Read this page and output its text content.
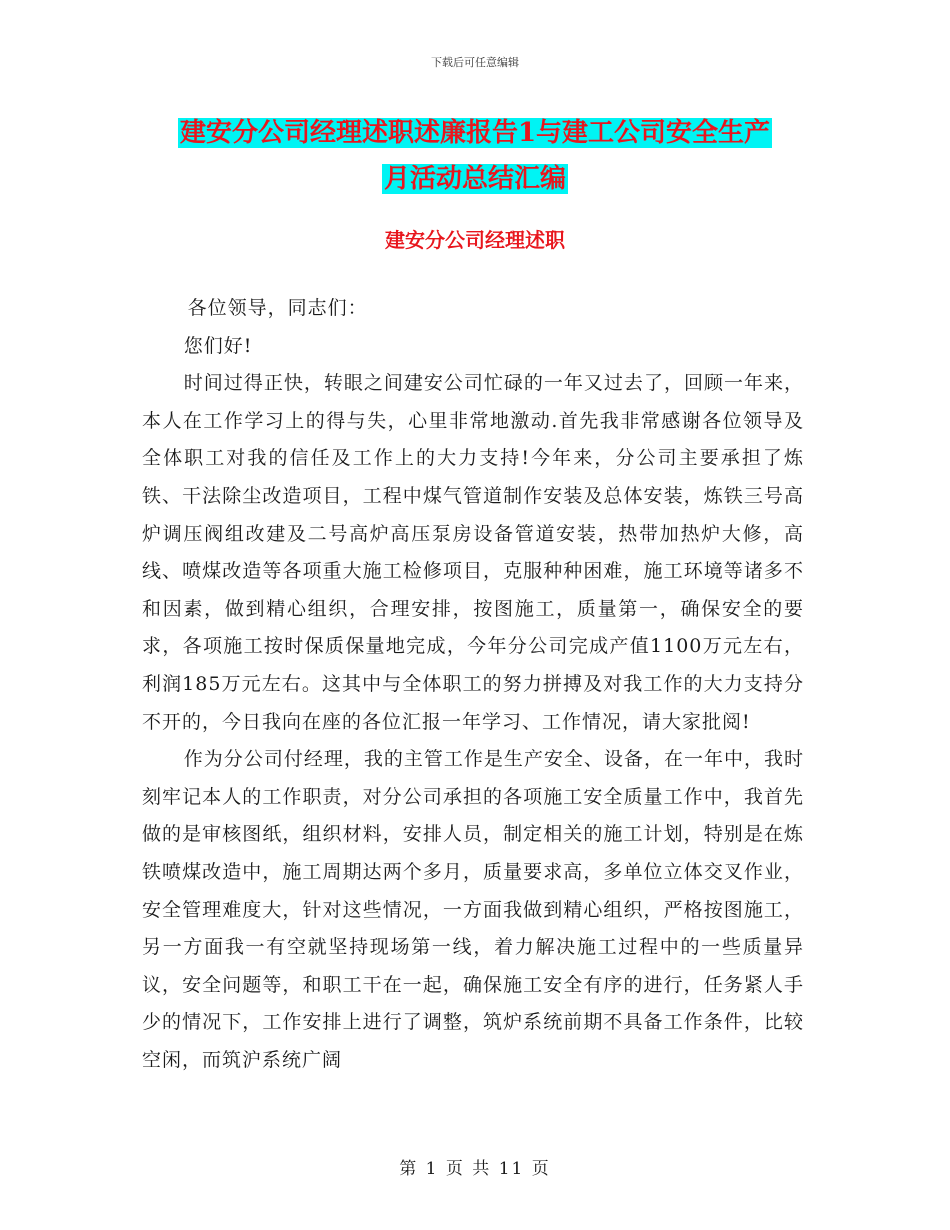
下载后可任意编辑
建安分公司经理述职述廉报告1与建工公司安全生产
月活动总结汇编
建安分公司经理述职

各位领导，同志们：

您们好!

时间过得正快，转眼之间建安公司忙碌的一年又过去了，回顾一年来，本人在工作学习上的得与失，心里非常地激动.首先我非常感谢各位领导及全体职工对我的信任及工作上的大力支持!今年来，分公司主要承担了炼铁、干法除尘改造项目，工程中煤气管道制作安装及总体安装，炼铁三号高炉调压阀组改建及二号高炉高压泵房设备管道安装，热带加热炉大修，高线、喷煤改造等各项重大施工检修项目，克服种种困难，施工环境等诸多不和因素，做到精心组织，合理安排，按图施工，质量第一，确保安全的要求，各项施工按时保质保量地完成，今年分公司完成产值1100万元左右，利润185万元左右。这其中与全体职工的努力拼搏及对我工作的大力支持分不开的，今日我向在座的各位汇报一年学习、工作情况，请大家批阅!

作为分公司付经理，我的主管工作是生产安全、设备，在一年中，我时刻牢记本人的工作职责，对分公司承担的各项施工安全质量工作中，我首先做的是审核图纸，组织材料，安排人员，制定相关的施工计划，特别是在炼铁喷煤改造中，施工周期达两个多月，质量要求高，多单位立体交叉作业，安全管理难度大，针对这些情况，一方面我做到精心组织，严格按图施工，另一方面我一有空就坚持现场第一线，着力解决施工过程中的一些质量异议，安全问题等，和职工干在一起，确保施工安全有序的进行，任务紧人手少的情况下，工作安排上进行了调整，筑炉系统前期不具备工作条件，比较空闲，而筑沪系统广阔

第 1 页 共 11 页
